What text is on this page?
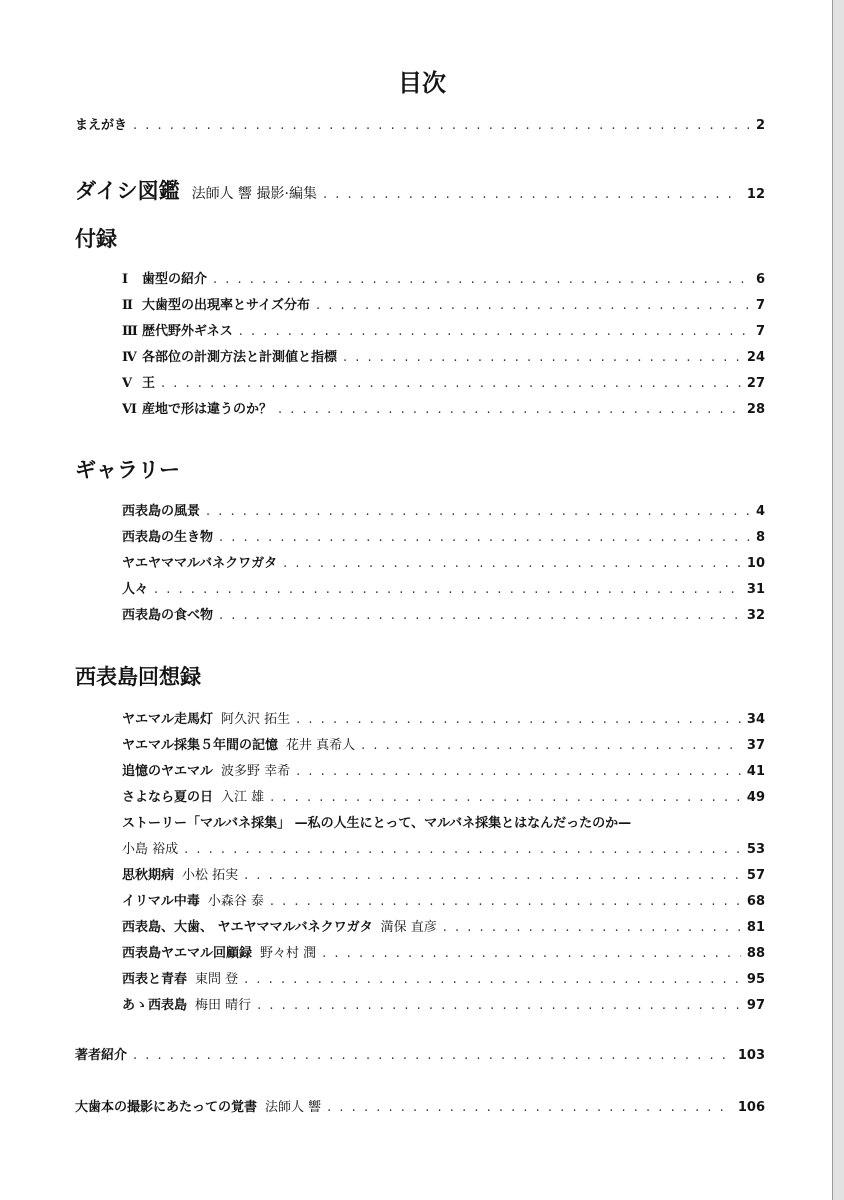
目次
まえがき . . .	2
ダイシ図鑑 法師人 響 撮影·編集 . . .	12
付録
Ⅰ 歯型の紹介 . . .	6
Ⅱ 大歯型の出現率とサイズ分布 . . .	7
Ⅲ 歴代野外ギネス . . .	7
Ⅳ 各部位の計測方法と計測値と指標 . . .	24
Ⅴ 王 . . .	27
Ⅵ 産地で形は違うのか？ . . .	28
ギャラリー
西表島の風景 . . .	4
西表島の生き物 . . .	8
ヤエヤママルバネクワガタ . . .	10
人々 . . .	31
西表島の食べ物 . . .	32
西表島回想録
ヤエマル走馬灯 阿久沢 拓生 . . .	34
ヤエマル採集５年間の記憶 花井 真希人 . . .	37
追憶のヤエマル 波多野 幸希 . . .	41
さよなら夏の日 入江 雄 . . .	49
ストーリー「マルバネ採集」 —私の人生にとって、マルバネ採集とはなんだったのか—
小島 裕成 . . .	53
思秋期病 小松 拓実 . . .	57
イリマル中毒 小森谷 泰 . . .	68
西表島、大歯、 ヤエヤママルバネクワガタ 満保 直彦 . . .	81
西表島ヤエマル回顧録 野々村 潤 . . .	88
西表と青春 東問 登 . . .	95
あゝ西表島 梅田 晴行 . . .	97
著者紹介 . . .	103
大歯本の撮影にあたっての覚書 法師人 響 . . .	106
